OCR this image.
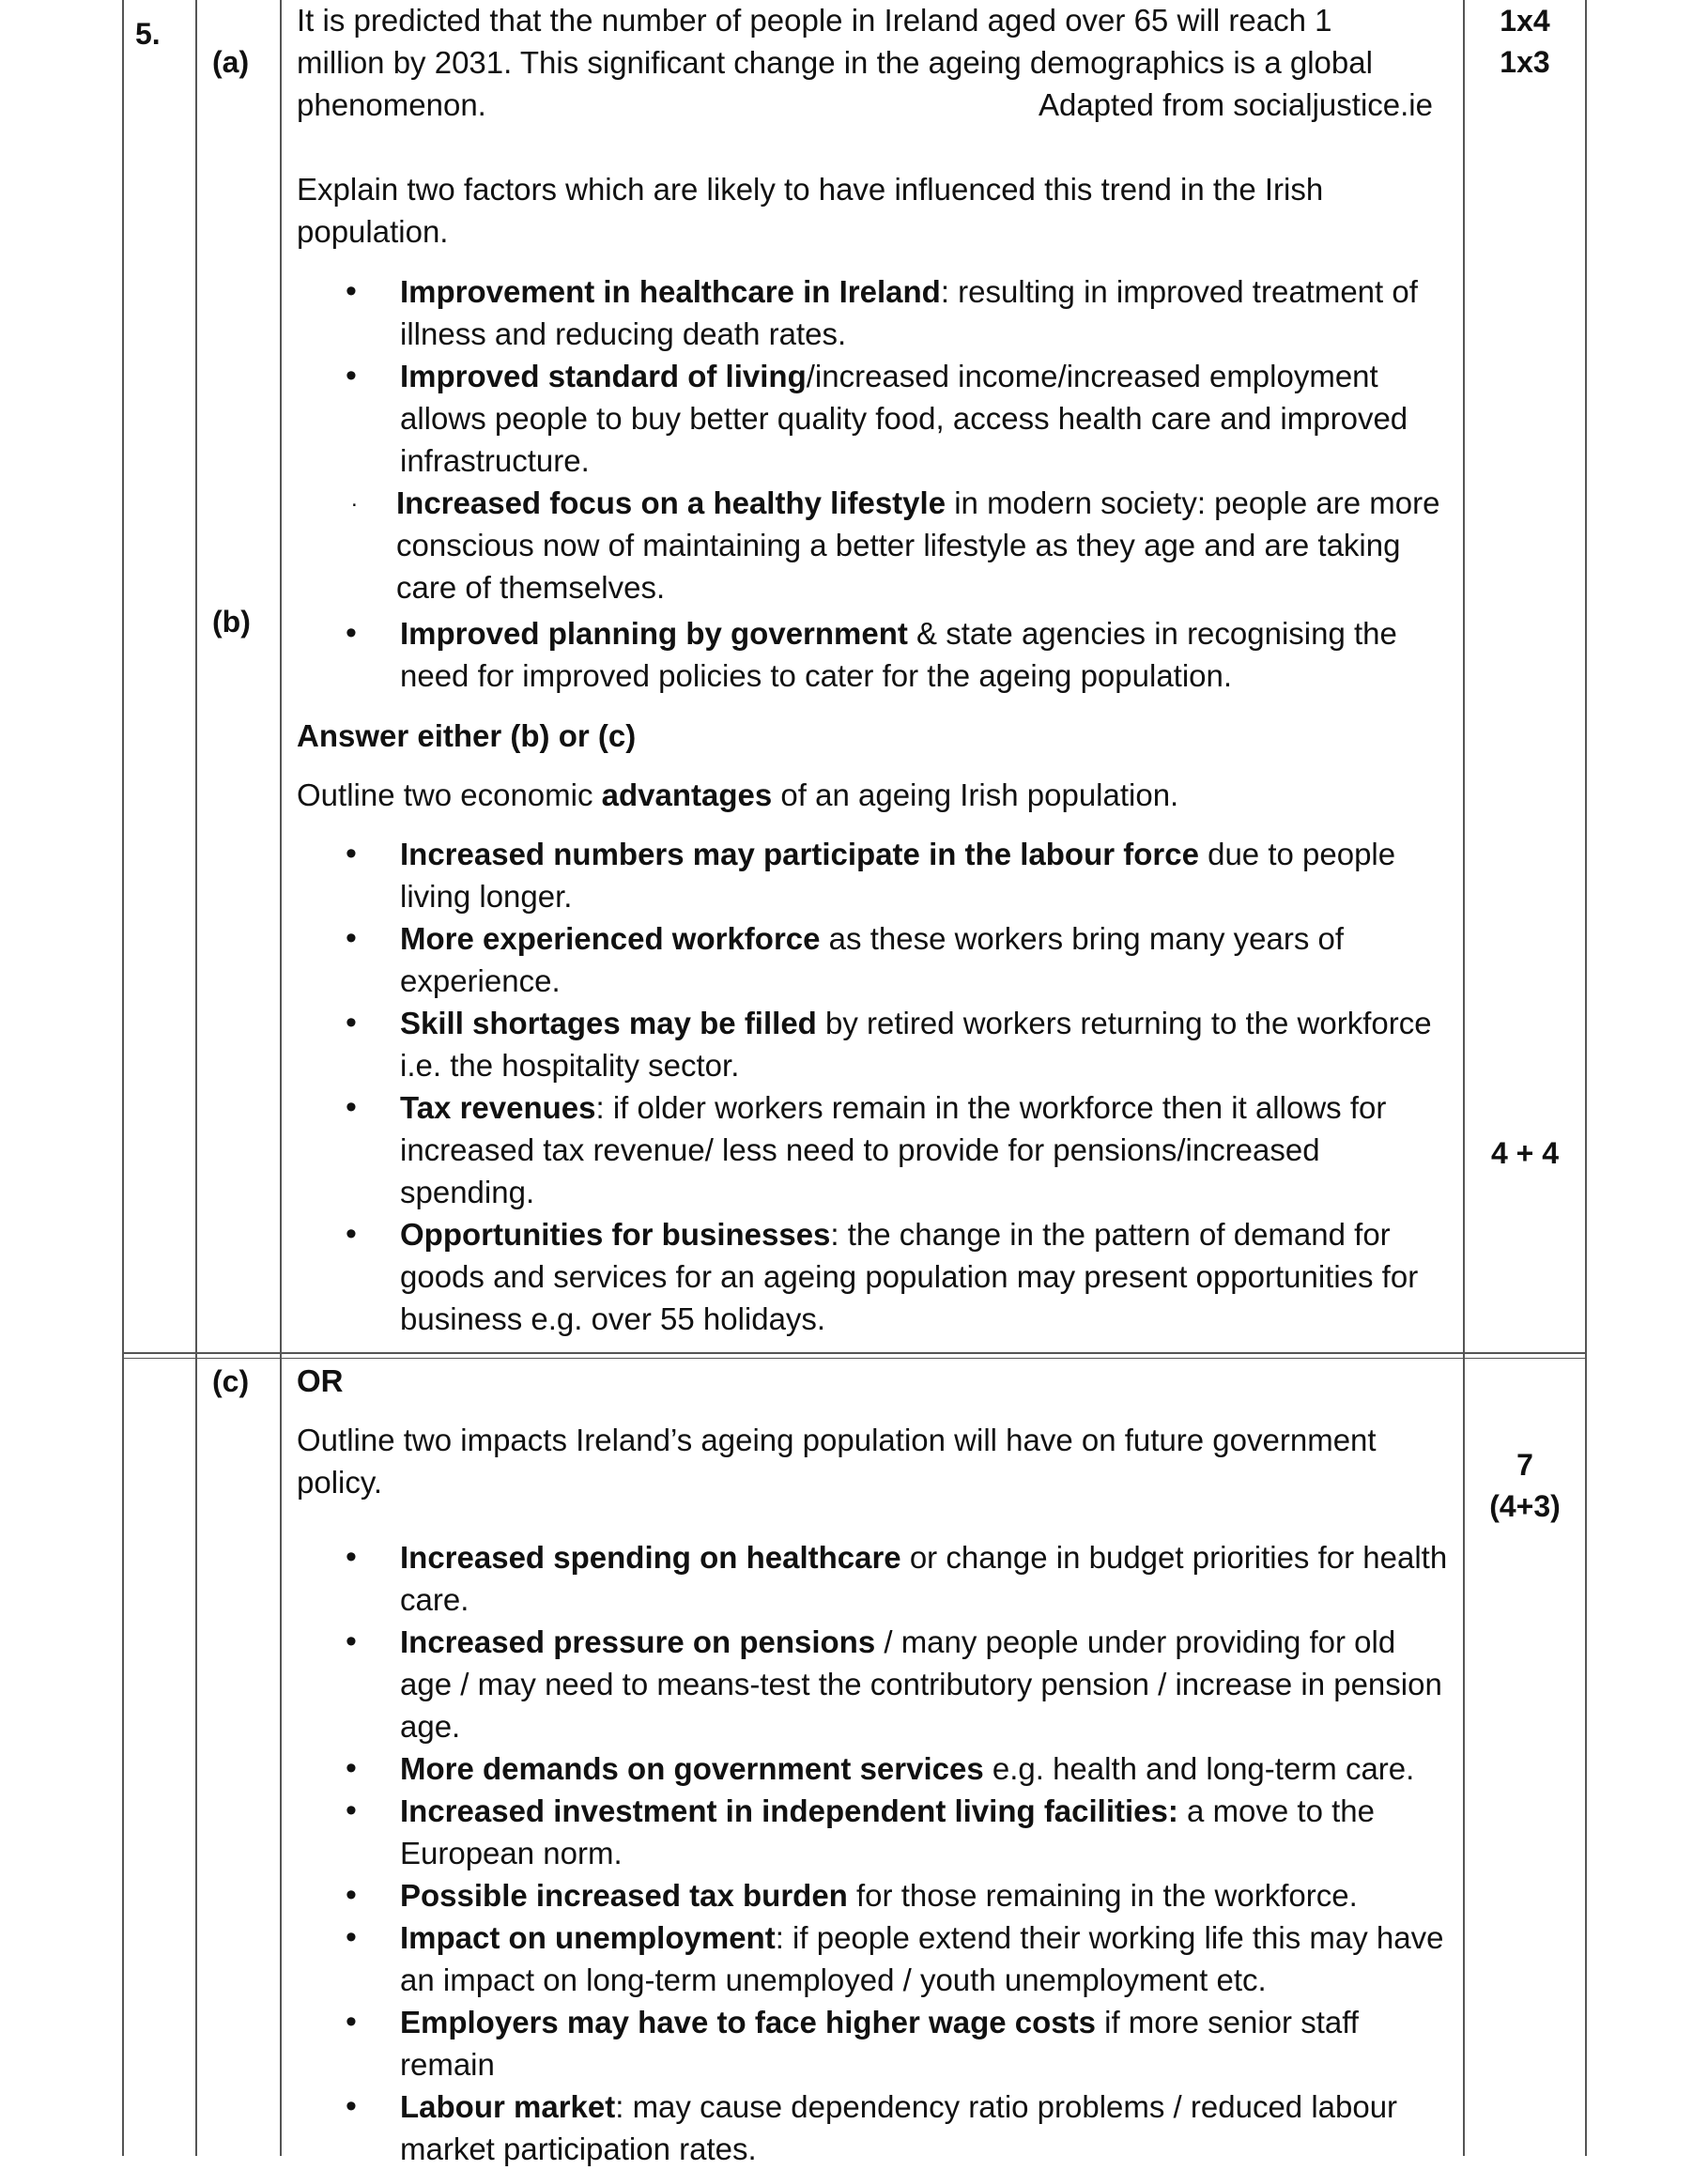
5.
(a)
(b)
(c)
1x4
1x3
4 + 4
7
(4+3)

It is predicted that the number of people in Ireland aged over 65 will reach 1

million by 2031. This significant change in the ageing demographics is a global

phenomenon.	Adapted from socialjustice.ie

Explain two factors which are likely to have influenced this trend in the Irish population.

• Improvement in healthcare in Ireland: resulting in improved treatment of illness and reducing death rates.
• Improved standard of living/increased income/increased employment allows people to buy better quality food, access health care and improved infrastructure.
. Increased focus on a healthy lifestyle in modern society: people are more conscious now of maintaining a better lifestyle as they age and are taking care of themselves.
• Improved planning by government & state agencies in recognising the need for improved policies to cater for the ageing population.

Answer either (b) or (c)

Outline two economic advantages of an ageing Irish population.

• Increased numbers may participate in the labour force due to people living longer.
• More experienced workforce as these workers bring many years of experience.
• Skill shortages may be filled by retired workers returning to the workforce i.e. the hospitality sector.
• Tax revenues: if older workers remain in the workforce then it allows for increased tax revenue/ less need to provide for pensions/increased spending.
• Opportunities for businesses: the change in the pattern of demand for goods and services for an ageing population may present opportunities for business e.g. over 55 holidays.

OR

Outline two impacts Ireland’s ageing population will have on future government policy.

• Increased spending on healthcare or change in budget priorities for health care.
• Increased pressure on pensions / many people under providing for old age / may need to means-test the contributory pension / increase in pension age.
• More demands on government services e.g. health and long-term care.
• Increased investment in independent living facilities: a move to the European norm.
• Possible increased tax burden for those remaining in the workforce.
• Impact on unemployment: if people extend their working life this may have an impact on long-term unemployed / youth unemployment etc.
• Employers may have to face higher wage costs if more senior staff remain
• Labour market: may cause dependency ratio problems / reduced labour market participation rates.
